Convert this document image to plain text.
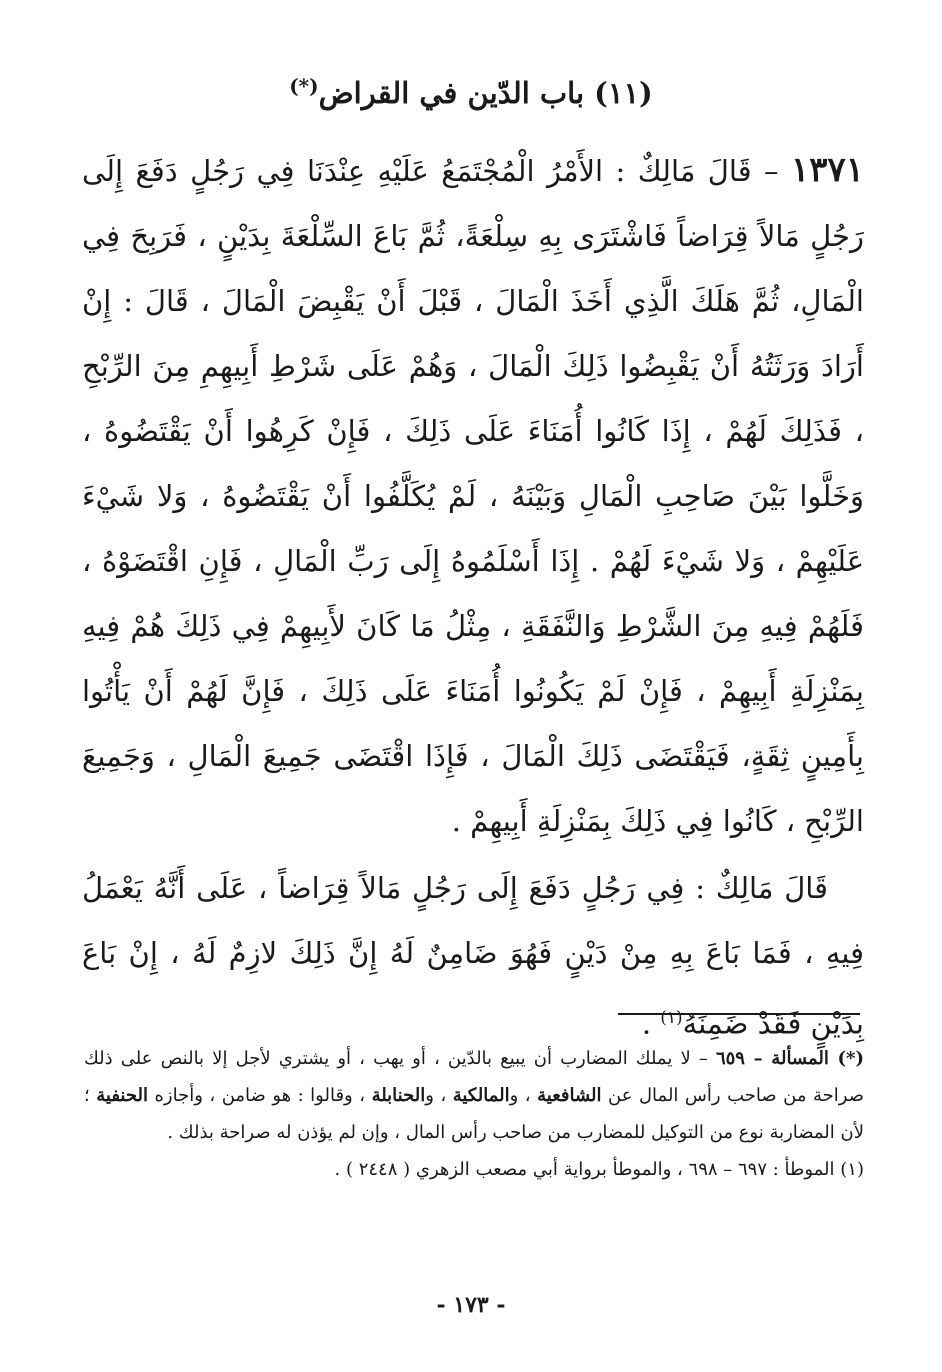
(١١) باب الدّين في القراض(*)

١٣٧١ – قَالَ مَالِكٌ : الأَمْرُ الْمُجْتَمَعُ عَلَيْهِ عِنْدَنَا فِي رَجُلٍ دَفَعَ إِلَى رَجُلٍ مَالاً قِرَاضاً فَاشْتَرَى بِهِ سِلْعَةً، ثُمَّ بَاعَ السِّلْعَةَ بِدَيْنٍ ، فَرَبِحَ فِي الْمَالِ، ثُمَّ هَلَكَ الَّذِي أَخَذَ الْمَالَ ، قَبْلَ أَنْ يَقْبِضَ الْمَالَ ، قَالَ : إِنْ أَرَادَ وَرَثَتُهُ أَنْ يَقْبِضُوا ذَلِكَ الْمَالَ ، وَهُمْ عَلَى شَرْطِ أَبِيهِمِ مِنَ الرِّبْحِ ، فَذَلِكَ لَهُمْ ، إِذَا كَانُوا أُمَنَاءَ عَلَى ذَلِكَ ، فَإِنْ كَرِهُوا أَنْ يَقْتَضُوهُ ، وَخَلَّوا بَيْنَ صَاحِبِ الْمَالِ وَبَيْنَهُ ، لَمْ يُكَلَّفُوا أَنْ يَقْتَضُوهُ ، وَلا شَيْءَ عَلَيْهِمْ ، وَلا شَيْءَ لَهُمْ . إِذَا أَسْلَمُوهُ إِلَى رَبِّ الْمَالِ ، فَإِنِ اقْتَضَوْهُ ، فَلَهُمْ فِيهِ مِنَ الشَّرْطِ وَالنَّفَقَةِ ، مِثْلُ مَا كَانَ لأَبِيهِمْ فِي ذَلِكَ هُمْ فِيهِ بِمَنْزِلَةِ أَبِيهِمْ ، فَإِنْ لَمْ يَكُونُوا أُمَنَاءَ عَلَى ذَلِكَ ، فَإِنَّ لَهُمْ أَنْ يَأْتُوا بِأَمِينٍ ثِقَةٍ، فَيَقْتَضَى ذَلِكَ الْمَالَ ، فَإِذَا اقْتَضَى جَمِيعَ الْمَالِ ، وَجَمِيعَ الرِّبْحِ ، كَانُوا فِي ذَلِكَ بِمَنْزِلَةِ أَبِيهِمْ .

قَالَ مَالِكٌ : فِي رَجُلٍ دَفَعَ إِلَى رَجُلٍ مَالاً قِرَاضاً ، عَلَى أَنَّهُ يَعْمَلُ فِيهِ ، فَمَا بَاعَ بِهِ مِنْ دَيْنٍ فَهُوَ ضَامِنٌ لَهُ إِنَّ ذَلِكَ لازِمٌ لَهُ ، إِنْ بَاعَ بِدَيْنٍ فَقَدْ ضَمِنَهُ$^{(١)}$ .

(*) المسألة – ٦٥٩ – لا يملك المضارب أن يبيع بالدّين ، أو يهب ، أو يشتري لأجل إلا بالنص على ذلك صراحة من صاحب رأس المال عن الشافعية ، والمالكية ، والحنابلة ، وقالوا : هو ضامن ، وأجازه الحنفية ؛ لأن المضاربة نوع من التوكيل للمضارب من صاحب رأس المال ، وإن لم يؤذن له صراحة بذلك .

(١) الموطأ : ٦٩٧ – ٦٩٨ ، والموطأ برواية أبي مصعب الزهري ( ٢٤٤٨ ) .

- ١٧٣ -
